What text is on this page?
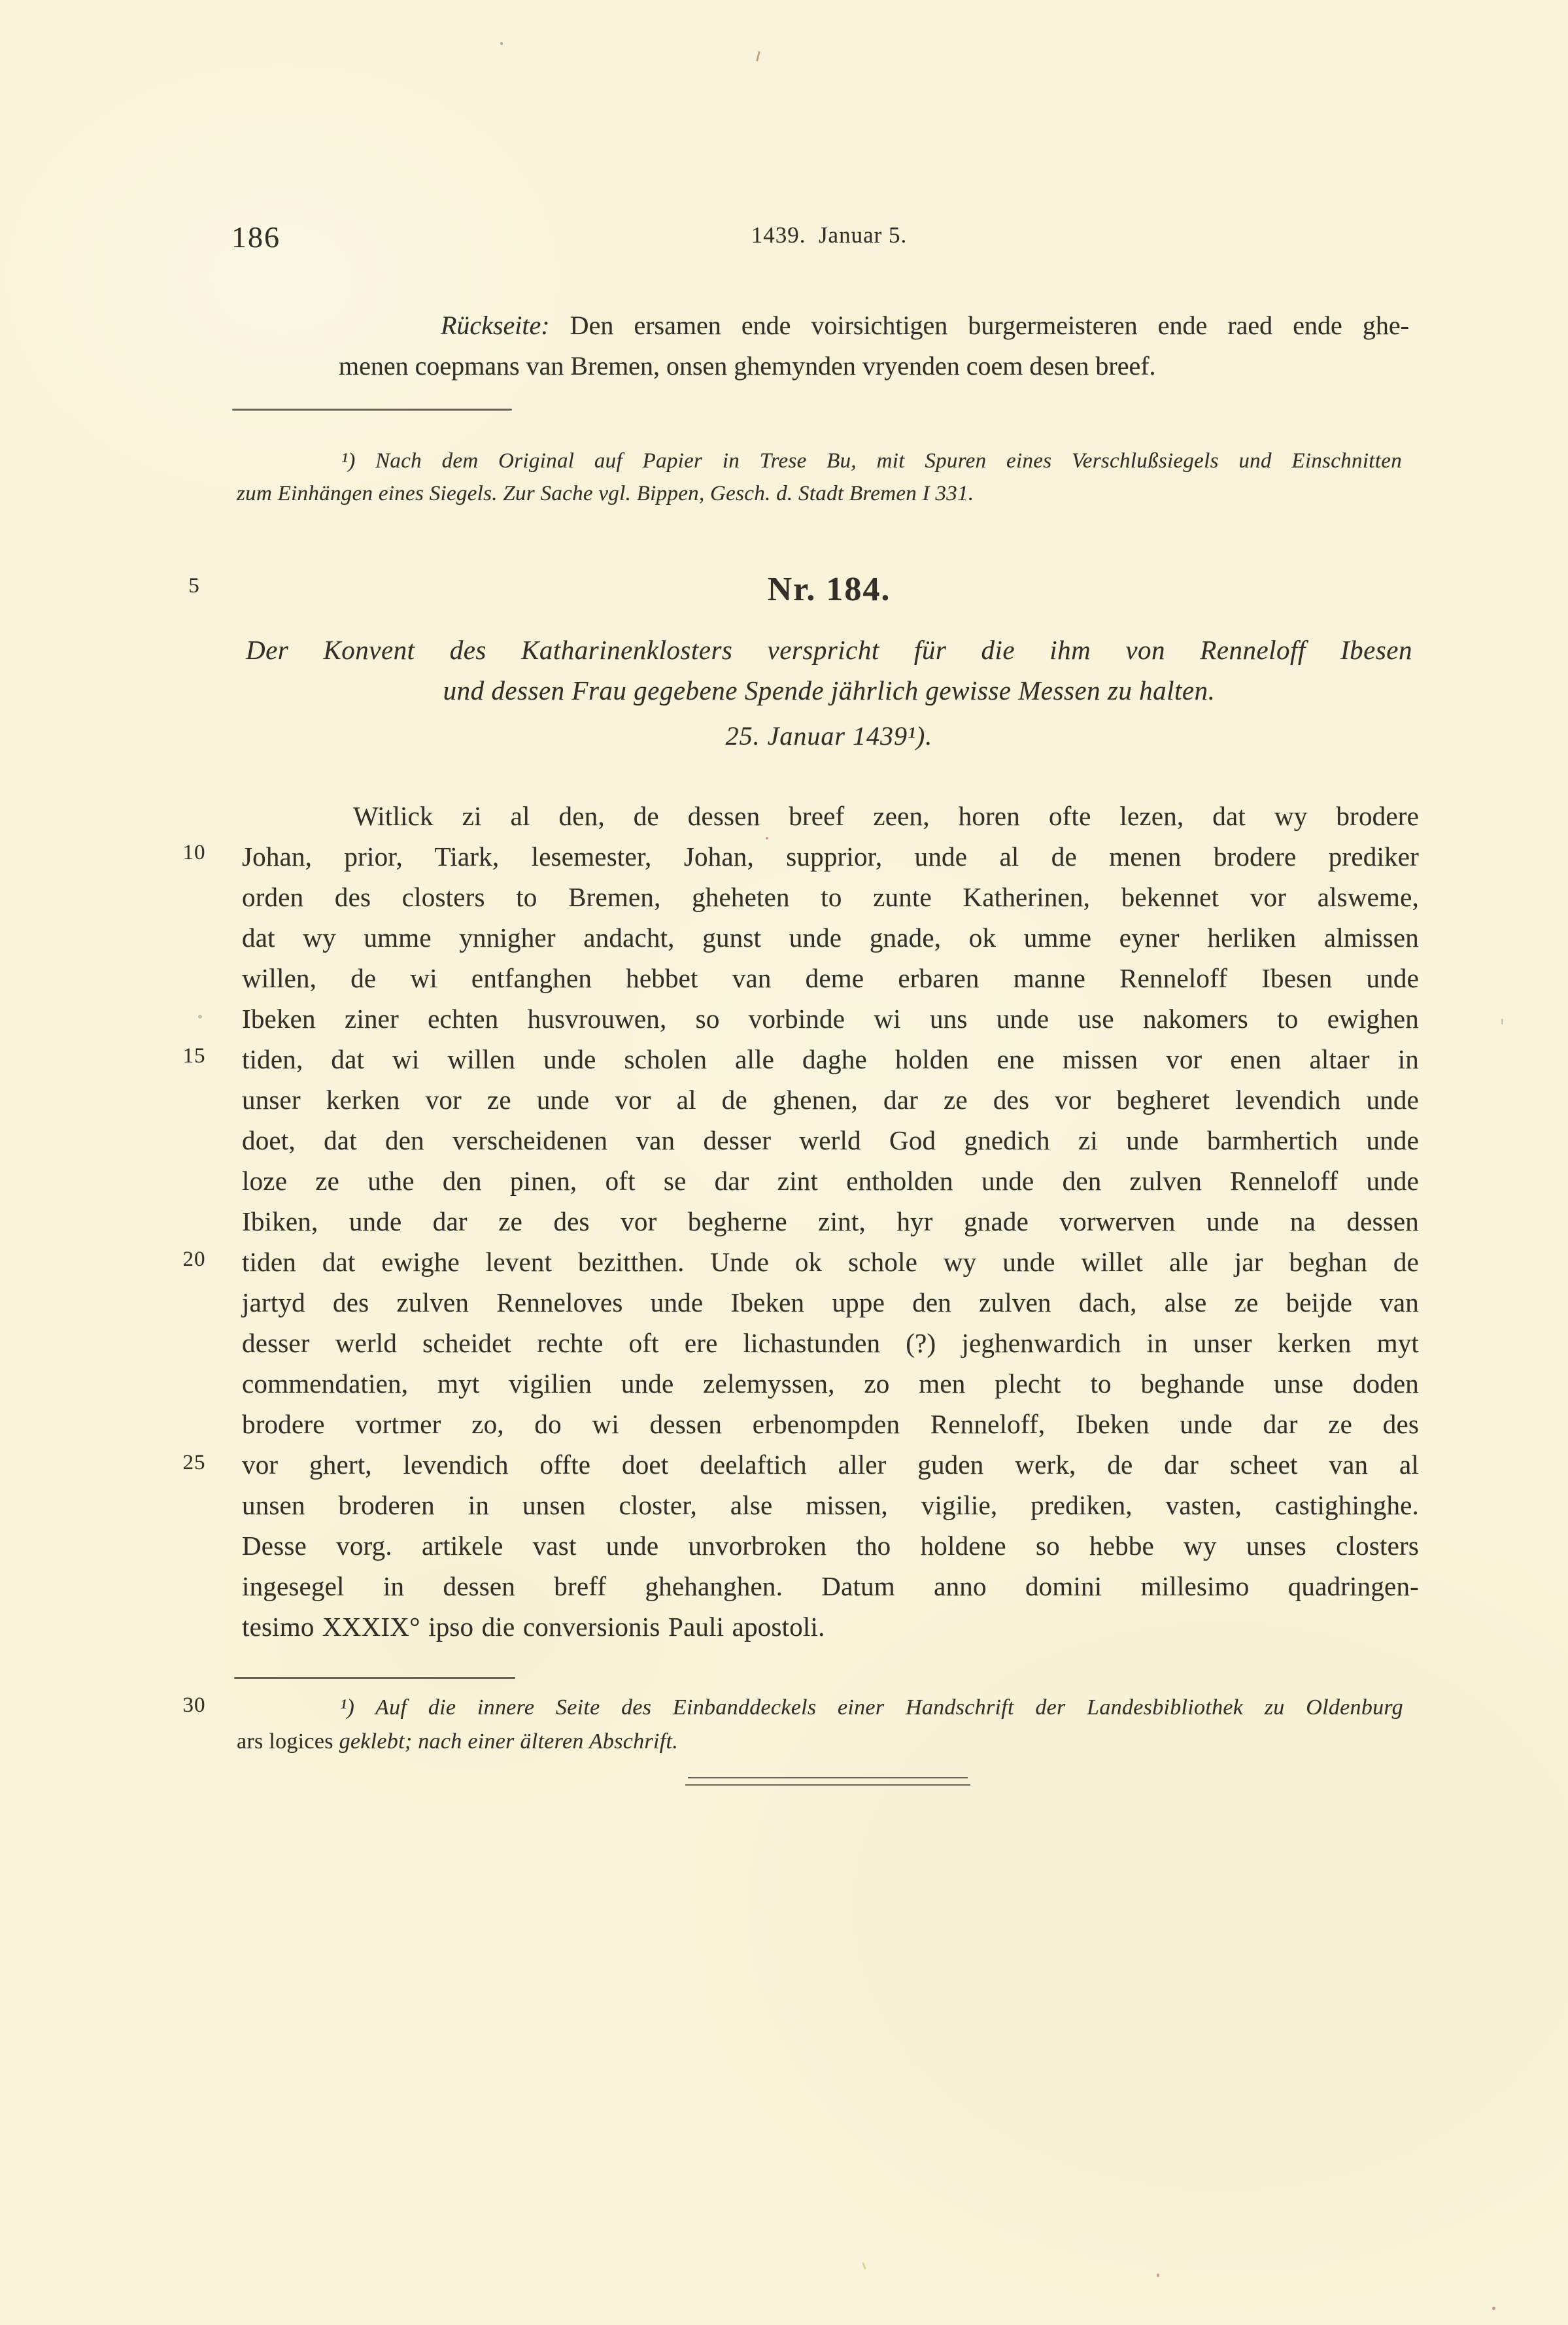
186	1439.  Januar 5.
Rückseite: Den ersamen ende voirsichtigen burgermeisteren ende raed ende ghe-
menen coepmans van Bremen, onsen ghemynden vryenden coem desen breef.
¹) Nach dem Original auf Papier in Trese Bu, mit Spuren eines Verschlußsiegels und Einschnitten
zum Einhängen eines Siegels. Zur Sache vgl. Bippen, Gesch. d. Stadt Bremen I 331.
5
10
15
20
25
30
Nr. 184.
Der Konvent des Katharinenklosters verspricht für die ihm von Renneloff Ibesen
und dessen Frau gegebene Spende jährlich gewisse Messen zu halten.
25. Januar 1439¹).
Witlick zi al den, de dessen breef zeen, horen ofte lezen, dat wy brodere
Johan, prior, Tiark, lesemester, Johan, supprior, unde al de menen brodere prediker
orden des closters to Bremen, gheheten to zunte Katherinen, bekennet vor alsweme,
dat wy umme ynnigher andacht, gunst unde gnade, ok umme eyner herliken almissen
willen, de wi entfanghen hebbet van deme erbaren manne Renneloff Ibesen unde
Ibeken ziner echten husvrouwen, so vorbinde wi uns unde use nakomers to ewighen
tiden, dat wi willen unde scholen alle daghe holden ene missen vor enen altaer in
unser kerken vor ze unde vor al de ghenen, dar ze des vor begheret levendich unde
doet, dat den verscheidenen van desser werld God gnedich zi unde barmhertich unde
loze ze uthe den pinen, oft se dar zint entholden unde den zulven Renneloff unde
Ibiken, unde dar ze des vor begherne zint, hyr gnade vorwerven unde na dessen
tiden dat ewighe levent bezitthen. Unde ok schole wy unde willet alle jar beghan de
jartyd des zulven Renneloves unde Ibeken uppe den zulven dach, alse ze beijde van
desser werld scheidet rechte oft ere lichastunden (?) jeghenwardich in unser kerken myt
commendatien, myt vigilien unde zelemyssen, zo men plecht to beghande unse doden
brodere vortmer zo, do wi dessen erbenompden Renneloff, Ibeken unde dar ze des
vor ghert, levendich offte doet deelaftich aller guden werk, de dar scheet van al
unsen broderen in unsen closter, alse missen, vigilie, prediken, vasten, castighinghe.
Desse vorg. artikele vast unde unvorbroken tho holdene so hebbe wy unses closters
ingesegel in dessen breff ghehanghen. Datum anno domini millesimo quadringen-
tesimo XXXIX° ipso die conversionis Pauli apostoli.
¹) Auf die innere Seite des Einbanddeckels einer Handschrift der Landesbibliothek zu Oldenburg
ars logices geklebt; nach einer älteren Abschrift.
